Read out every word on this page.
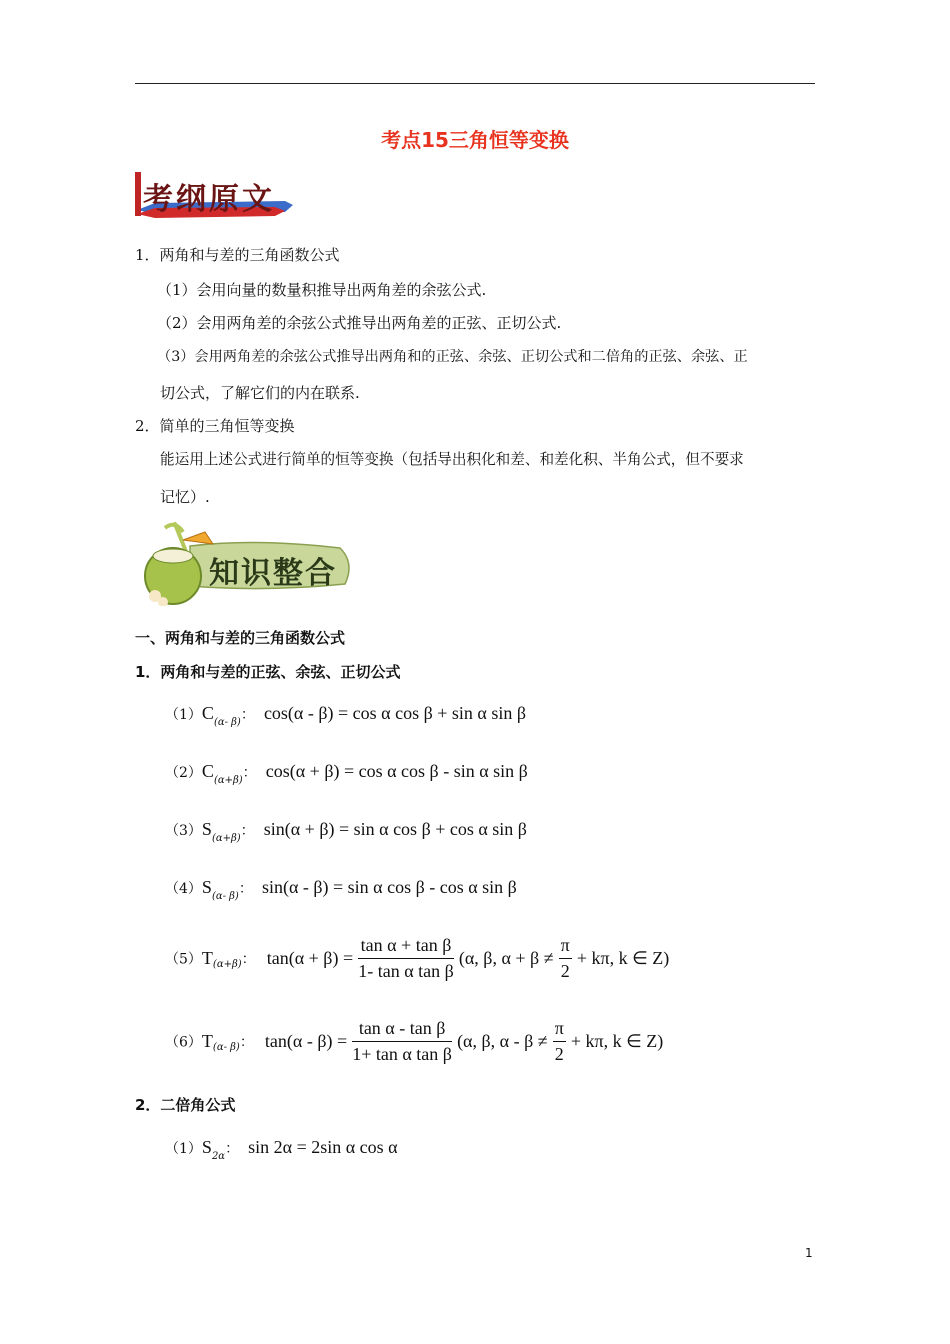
考点15三角恒等变换
考纲原文
1．两角和与差的三角函数公式
（1）会用向量的数量积推导出两角差的余弦公式.
（2）会用两角差的余弦公式推导出两角差的正弦、正切公式.
（3）会用两角差的余弦公式推导出两角和的正弦、余弦、正切公式和二倍角的正弦、余弦、正
切公式，了解它们的内在联系.
2．简单的三角恒等变换
能运用上述公式进行简单的恒等变换（包括导出积化和差、和差化积、半角公式，但不要求
记忆）.
知识整合
一、两角和与差的三角函数公式
1．两角和与差的正弦、余弦、正切公式
$(1)C_{(\alpha- \beta)}$： cos(α - β) = cos α cos β + sin α sin β
$(2)C_{(\alpha+\beta)}$： cos(α + β) = cos α cos β - sin α sin β
$(3)S_{(\alpha+\beta)}$： sin(α + β) = sin α cos β + cos α sin β
$(4)S_{(\alpha- \beta)}$： sin(α - β) = sin α cos β - cos α sin β
$(5)T_{(\alpha+\beta)}$： $\tan(\alpha + \beta) = \frac{\text{tan α + tan β}}{\text{1- tan α tan β}} (\alpha$, β, $\alpha + \beta \ne \frac{\pi}{2} + k\pi$, k ∈ Z)
$(6)T_{(\alpha- \beta)}$： $\tan(\alpha - \beta) = \frac{\text{tan α - tan β}}{\text{1+ tan α tan β}} (\alpha$, β, $\alpha - \beta \ne \frac{\pi}{2} + k\pi$, k ∈ Z)
2．二倍角公式
$(1)S_{2\alpha}$： sin 2α = 2sin α cos α
1
